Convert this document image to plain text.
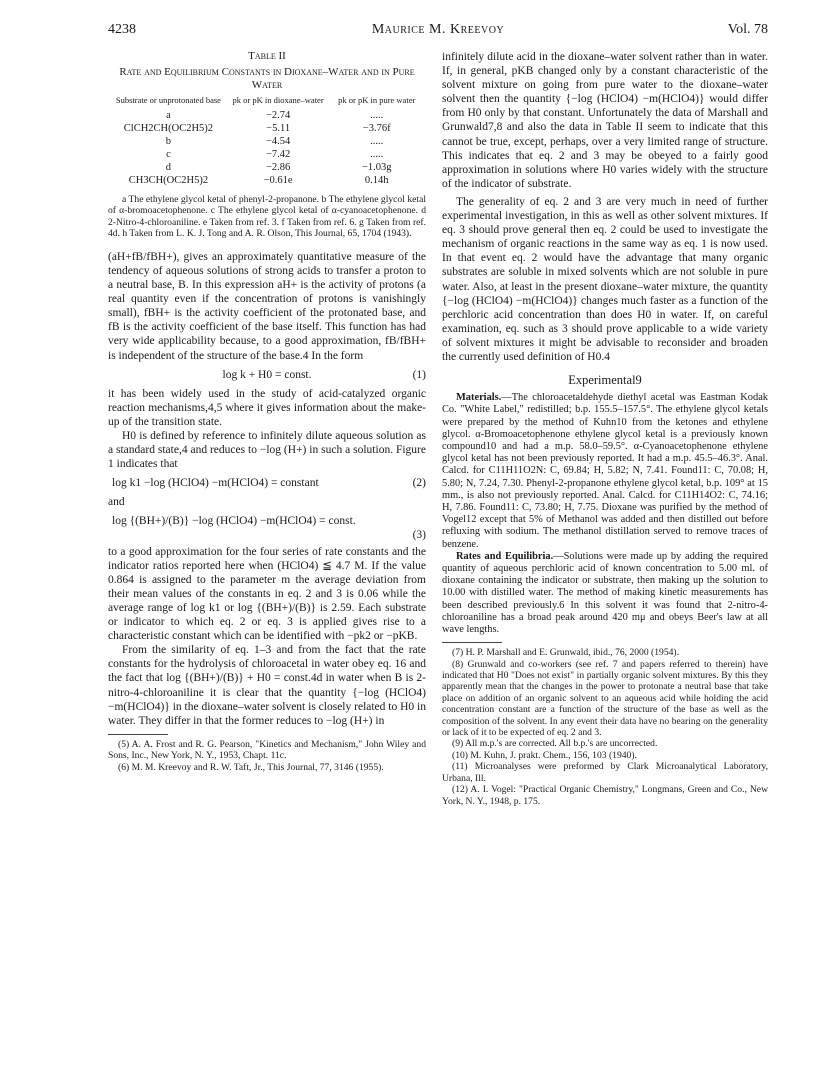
4238	Maurice M. Kreevoy	Vol. 78
Table II
Rate and Equilibrium Constants in Dioxane–Water and in Pure Water
Substrate or unprotonated base	pk or pK in dioxane–water	pk or pK in pure water
a	−2.74	.....
ClCH2CH(OC2H5)2	−5.11	−3.76f
b	−4.54	.....
c	−7.42	.....
d	−2.86	−1.03g
CH3CH(OC2H5)2	−0.61e	0.14h

a The ethylene glycol ketal of phenyl-2-propanone. b The ethylene glycol ketal of α-bromoacetophenone. c The ethylene glycol ketal of α-cyanoacetophenone. d 2-Nitro-4-chloroaniline. e Taken from ref. 3. f Taken from ref. 6. g Taken from ref. 4d. h Taken from L. K. J. Tong and A. R. Olson, This Journal, 65, 1704 (1943).

(aH+fB/fBH+), gives an approximately quantitative measure of the tendency of aqueous solutions of strong acids to transfer a proton to a neutral base, B. In this expression aH+ is the activity of protons (a real quantity even if the concentration of protons is vanishingly small), fBH+ is the activity coefficient of the protonated base, and fB is the activity coefficient of the base itself. This function has had very wide applicability because, to a good approximation, fB/fBH+ is independent of the structure of the base.4 In the form

log k + H0 = const.	(1)

it has been widely used in the study of acid-catalyzed organic reaction mechanisms,4,5 where it gives information about the make-up of the transition state.

H0 is defined by reference to infinitely dilute aqueous solution as a standard state,4 and reduces to −log (H+) in such a solution. Figure 1 indicates that

log k1 −log (HClO4) −m(HClO4) = constant	(2)

and

log {(BH+)/(B)} −log (HClO4) −m(HClO4) = const.
(3)

to a good approximation for the four series of rate constants and the indicator ratios reported here when (HClO4) ≦ 4.7 M. If the value 0.864 is assigned to the parameter m the average deviation from their mean values of the constants in eq. 2 and 3 is 0.06 while the average range of log k1 or log {(BH+)/(B)} is 2.59. Each substrate or indicator to which eq. 2 or eq. 3 is applied gives rise to a characteristic constant which can be identified with −pk2 or −pKB.

From the similarity of eq. 1–3 and from the fact that the rate constants for the hydrolysis of chloroacetal in water obey eq. 16 and the fact that log {(BH+)/(B)} + H0 = const.4d in water when B is 2-nitro-4-chloroaniline it is clear that the quantity {−log (HClO4) −m(HClO4)} in the dioxane–water solvent is closely related to H0 in water. They differ in that the former reduces to −log (H+) in

(5) A. A. Frost and R. G. Pearson, "Kinetics and Mechanism," John Wiley and Sons, Inc., New York, N. Y., 1953, Chapt. 11c.

(6) M. M. Kreevoy and R. W. Taft, Jr., This Journal, 77, 3146 (1955).

infinitely dilute acid in the dioxane–water solvent rather than in water. If, in general, pKB changed only by a constant characteristic of the solvent mixture on going from pure water to the dioxane–water solvent then the quantity {−log (HClO4) −m(HClO4)} would differ from H0 only by that constant. Unfortunately the data of Marshall and Grunwald7,8 and also the data in Table II seem to indicate that this cannot be true, except, perhaps, over a very limited range of structure. This indicates that eq. 2 and 3 may be obeyed to a fairly good approximation in solutions where H0 varies widely with the structure of the indicator of substrate.

The generality of eq. 2 and 3 are very much in need of further experimental investigation, in this as well as other solvent mixtures. If eq. 3 should prove general then eq. 2 could be used to investigate the mechanism of organic reactions in the same way as eq. 1 is now used. In that event eq. 2 would have the advantage that many organic substrates are soluble in mixed solvents which are not soluble in pure water. Also, at least in the present dioxane–water mixture, the quantity {−log (HClO4) −m(HClO4)} changes much faster as a function of the perchloric acid concentration than does H0 in water. If, on careful examination, eq. such as 3 should prove applicable to a wide variety of solvent mixtures it might be advisable to reconsider and broaden the currently used definition of H0.4

Experimental9

Materials.—The chloroacetaldehyde diethyl acetal was Eastman Kodak Co. "White Label," redistilled; b.p. 155.5–157.5°. The ethylene glycol ketals were prepared by the method of Kuhn10 from the ketones and ethylene glycol. α-Bromoacetophenone ethylene glycol ketal is a previously known compound10 and had a m.p. 58.0–59.5°. α-Cyanoacetophenone ethylene glycol ketal has not been previously reported. It had a m.p. 45.5–46.3°. Anal. Calcd. for C11H11O2N: C, 69.84; H, 5.82; N, 7.41. Found11: C, 70.08; H, 5.80; N, 7.24, 7.30. Phenyl-2-propanone ethylene glycol ketal, b.p. 109° at 15 mm., is also not previously reported. Anal. Calcd. for C11H14O2: C, 74.16; H, 7.86. Found11: C, 73.80; H, 7.75. Dioxane was purified by the method of Vogel12 except that 5% of Methanol was added and then distilled out before refluxing with sodium. The methanol distillation served to remove traces of benzene.

Rates and Equilibria.—Solutions were made up by adding the required quantity of aqueous perchloric acid of known concentration to 5.00 ml. of dioxane containing the indicator or substrate, then making up the solution to 10.00 with distilled water. The method of making kinetic measurements has been described previously.6 In this solvent it was found that 2-nitro-4-chloroaniline has a broad peak around 420 mμ and obeys Beer's law at all wave lengths.

(7) H. P. Marshall and E. Grunwald, ibid., 76, 2000 (1954).

(8) Grunwald and co-workers (see ref. 7 and papers referred to therein) have indicated that H0 "Does not exist" in partially organic solvent mixtures. By this they apparently mean that the changes in the power to protonate a neutral base that take place on addition of an organic solvent to an aqueous acid while holding the acid concentration constant are a function of the structure of the base as well as the composition of the solvent. In any event their data have no bearing on the generality or lack of it to be expected of eq. 2 and 3.

(9) All m.p.'s are corrected. All b.p.'s are uncorrected.

(10) M. Kuhn, J. prakt. Chem., 156, 103 (1940).

(11) Microanalyses were preformed by Clark Microanalytical Laboratory, Urbana, Ill.

(12) A. I. Vogel: "Practical Organic Chemistry," Longmans, Green and Co., New York, N. Y., 1948, p. 175.
